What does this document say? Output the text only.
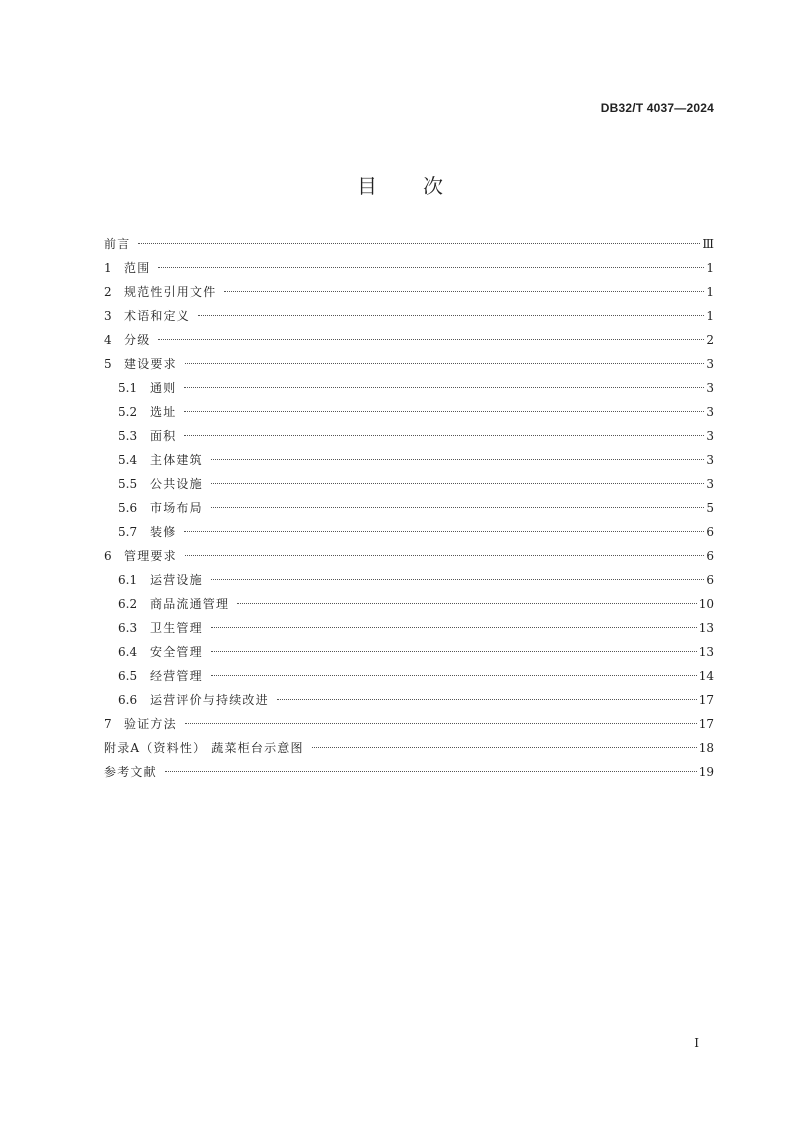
DB32/T 4037—2024
目次
前言	Ⅲ
1	范围	1
2	规范性引用文件	1
3	术语和定义	1
4	分级	2
5	建设要求	3
5.1	通则	3
5.2	选址	3
5.3	面积	3
5.4	主体建筑	3
5.5	公共设施	3
5.6	市场布局	5
5.7	装修	6
6	管理要求	6
6.1	运营设施	6
6.2	商品流通管理	10
6.3	卫生管理	13
6.4	安全管理	13
6.5	经营管理	14
6.6	运营评价与持续改进	17
7	验证方法	17
附录A（资料性） 蔬菜柜台示意图	18
参考文献	19
I
